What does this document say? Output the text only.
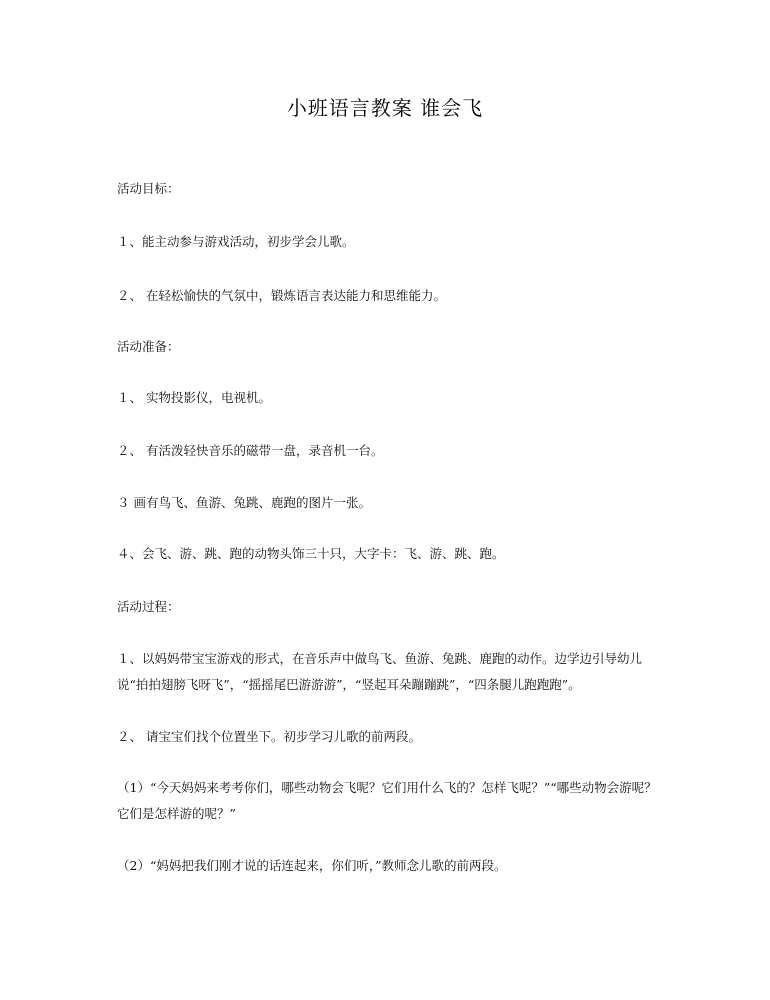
小班语言教案 谁会飞
活动目标：
１、能主动参与游戏活动，初步学会儿歌。
２、 在轻松愉快的气氛中，锻炼语言表达能力和思维能力。
活动准备：
１、 实物投影仪，电视机。
２、 有活泼轻快音乐的磁带一盘，录音机一台。
３ 画有鸟飞、鱼游、兔跳、鹿跑的图片一张。
４、会飞、游、跳、跑的动物头饰三十只，大字卡：飞、游、跳、跑。
活动过程：
１、以妈妈带宝宝游戏的形式，在音乐声中做鸟飞、鱼游、兔跳、鹿跑的动作。边学边引导幼儿说“拍拍翅膀飞呀飞”，“摇摇尾巴游游游”，“竖起耳朵蹦蹦跳”，“四条腿儿跑跑跑”。
２、 请宝宝们找个位置坐下。初步学习儿歌的前两段。
（1）“今天妈妈来考考你们，哪些动物会飞呢？它们用什么飞的？怎样飞呢？”“哪些动物会游呢？它们是怎样游的呢？”
（2）“妈妈把我们刚才说的话连起来，你们听，”教师念儿歌的前两段。
